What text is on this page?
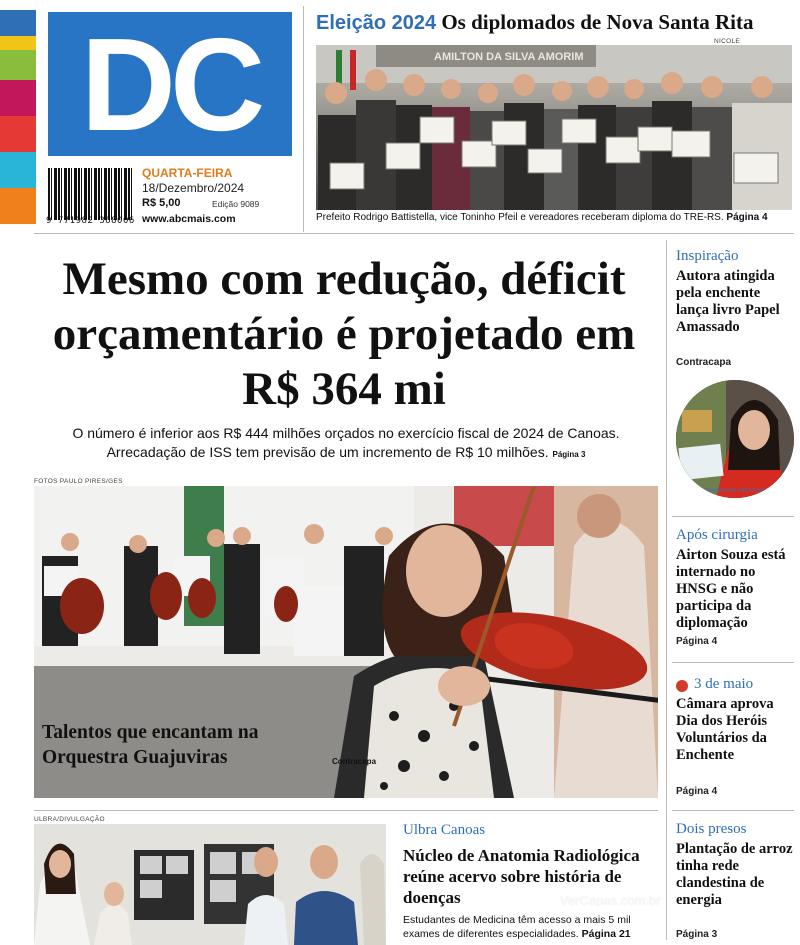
DC
9 771982 368006
QUARTA-FEIRA
18/Dezembro/2024
R$ 5,00	Edição 9089
www.abcmais.com
Eleição 2024 Os diplomados de Nova Santa Rita
NICOLE
AMILTON DA SILVA AMORIM
Prefeito Rodrigo Battistella, vice Toninho Pfeil e vereadores receberam diploma do TRE-RS. Página 4
Mesmo com redução, déficit orçamentário é projetado em R$ 364 mi
O número é inferior aos R$ 444 milhões orçados no exercício fiscal de 2024 de Canoas. Arrecadação de ISS tem previsão de um incremento de R$ 10 milhões. Página 3
FOTOS PAULO PIRES/GES
Talentos que encantam na Orquestra Guajuviras	Contracapa
Inspiração
Autora atingida pela enchente lança livro Papel Amassado
Contracapa
RETRAUBAS EM GASTRONOMIA
Após cirurgia
Airton Souza está internado no HNSG e não participa da diplomação
Página 4
3 de maio
Câmara aprova Dia dos Heróis Voluntários da Enchente
Página 4
Dois presos
Plantação de arroz tinha rede clandestina de energia
Página 3
ULBRA/DIVULGAÇÃO
Ulbra Canoas
Núcleo de Anatomia Radiológica reúne acervo sobre história de doenças
Estudantes de Medicina têm acesso a mais 5 mil exames de diferentes especialidades. Página 21
VerCapas.com.br
